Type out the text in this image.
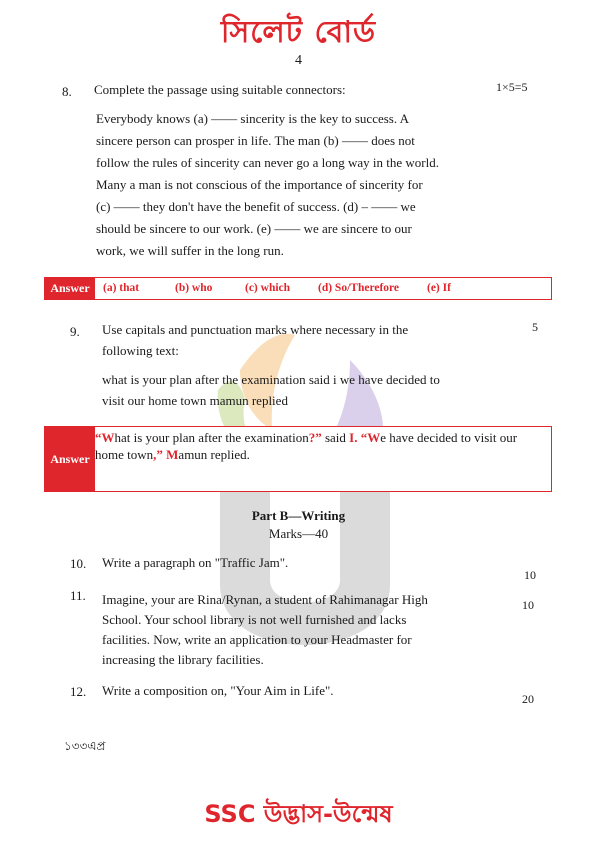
সিলেট বোর্ড
4
8. Complete the passage using suitable connectors:	1×5=5
Everybody knows (a) —— sincerity is the key to success. A
sincere person can prosper in life. The man (b) —— does not
follow the rules of sincerity can never go a long way in the world.
Many a man is not conscious of the importance of sincerity for
(c) —— they don't have the benefit of success. (d) – —— we
should be sincere to our work. (e) —— we are sincere to our
work, we will suffer in the long run.
Answer	(a) that	(b) who	(c) which (d) So/Therefore (e) If
9. Use capitals and punctuation marks where necessary in the
following text:
5
what is your plan after the examination said i we have decided to
visit our home town mamun replied
Answer
“What is your plan after the examination?” said I. “We have decided to visit our home town,” Mamun replied.
Part B—Writing
Marks—40
10. Write a paragraph on "Traffic Jam".
10
11. Imagine, your are Rina/Rynan, a student of Rahimanagar High
School. Your school library is not well furnished and lacks
facilities. Now, write an application to your Headmaster for
increasing the library facilities.
10
12. Write a composition on, "Your Aim in Life".
20
১৩৩এপ্র
SSC উদ্ভাস-উন্মেষ
